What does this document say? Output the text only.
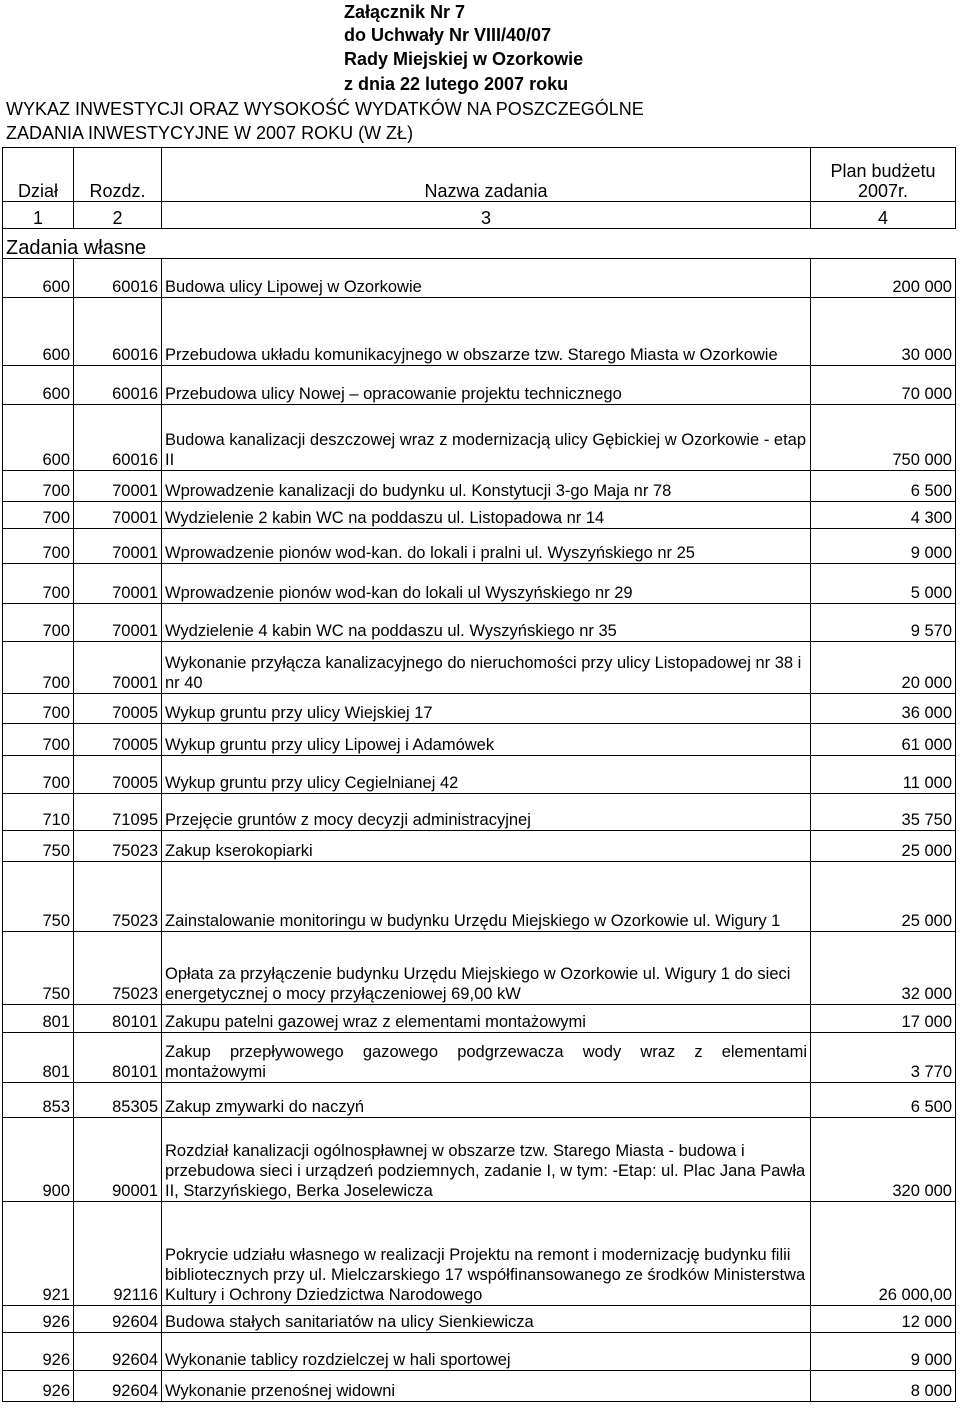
Załącznik Nr 7
do Uchwały Nr VIII/40/07
Rady Miejskiej w Ozorkowie
z dnia 22 lutego 2007 roku
WYKAZ INWESTYCJI ORAZ WYSOKOŚĆ WYDATKÓW NA POSZCZEGÓLNE
ZADANIA INWESTYCYJNE W 2007 ROKU (W ZŁ)
Dział	Rozdz.	Nazwa zadania	Plan budżetu 2007r.
1	2	3	4
Zadania własne			
600	60016	Budowa ulicy Lipowej w Ozorkowie	200 000
600	60016	Przebudowa układu komunikacyjnego w obszarze tzw. Starego Miasta w Ozorkowie	30 000
600	60016	Przebudowa ulicy Nowej – opracowanie projektu technicznego	70 000
600	60016	Budowa kanalizacji deszczowej wraz z modernizacją ulicy Gębickiej w Ozorkowie - etap II	750 000
700	70001	Wprowadzenie kanalizacji do budynku ul. Konstytucji 3-go Maja nr 78	6 500
700	70001	Wydzielenie 2 kabin WC na poddaszu ul. Listopadowa nr 14	4 300
700	70001	Wprowadzenie pionów wod-kan. do lokali i pralni ul. Wyszyńskiego nr 25	9 000
700	70001	Wprowadzenie pionów wod-kan do lokali ul Wyszyńskiego nr 29	5 000
700	70001	Wydzielenie 4 kabin WC na poddaszu ul. Wyszyńskiego nr 35	9 570
700	70001	Wykonanie przyłącza kanalizacyjnego do nieruchomości przy ulicy Listopadowej nr 38 i nr 40	20 000
700	70005	Wykup gruntu przy ulicy Wiejskiej 17	36 000
700	70005	Wykup gruntu przy ulicy Lipowej i Adamówek	61 000
700	70005	Wykup gruntu przy ulicy Cegielnianej 42	11 000
710	71095	Przejęcie gruntów z mocy decyzji administracyjnej	35 750
750	75023	Zakup kserokopiarki	25 000
750	75023	Zainstalowanie monitoringu w budynku Urzędu Miejskiego w Ozorkowie ul. Wigury 1	25 000
750	75023	Opłata za przyłączenie budynku Urzędu Miejskiego w Ozorkowie ul. Wigury 1 do sieci energetycznej o mocy przyłączeniowej 69,00 kW	32 000
801	80101	Zakupu patelni gazowej wraz z elementami montażowymi	17 000
801	80101	Zakup przepływowego gazowego podgrzewacza wody wraz z elementami montażowymi	3 770
853	85305	Zakup zmywarki do naczyń	6 500
900	90001	Rozdział kanalizacji ogólnospławnej w obszarze tzw. Starego Miasta - budowa i przebudowa sieci i urządzeń podziemnych, zadanie I, w tym: -Etap: ul. Plac Jana Pawła II, Starzyńskiego, Berka Joselewicza	320 000
921	92116	Pokrycie udziału własnego w realizacji Projektu na remont i modernizację budynku filii bibliotecznych przy ul. Mielczarskiego 17 współfinansowanego ze środków Ministerstwa Kultury i Ochrony Dziedzictwa Narodowego	26 000,00
926	92604	Budowa stałych sanitariatów na ulicy Sienkiewicza	12 000
926	92604	Wykonanie tablicy rozdzielczej w hali sportowej	9 000
926	92604	Wykonanie przenośnej widowni	8 000
